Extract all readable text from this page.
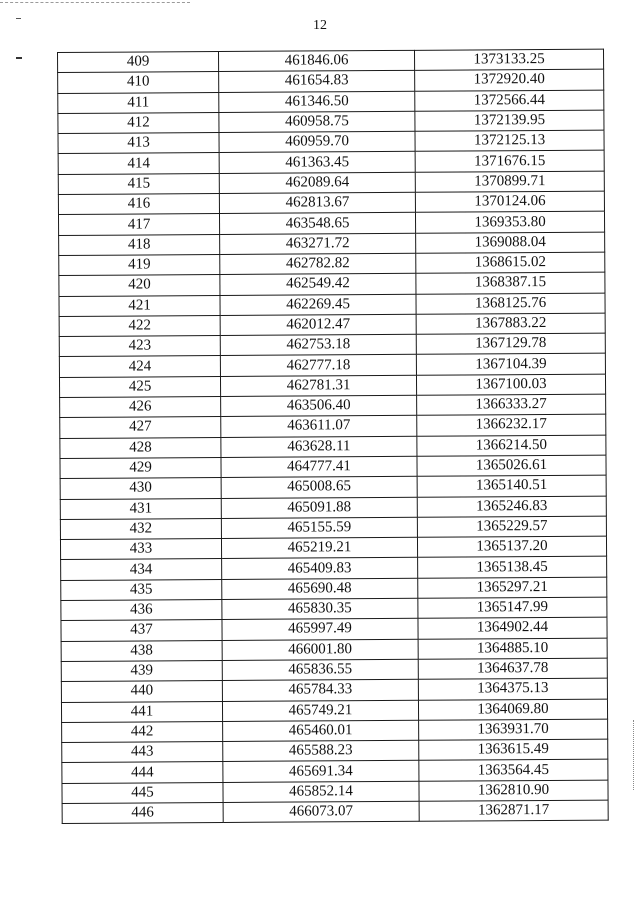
12
409	461846.06	1373133.25
410	461654.83	1372920.40
411	461346.50	1372566.44
412	460958.75	1372139.95
413	460959.70	1372125.13
414	461363.45	1371676.15
415	462089.64	1370899.71
416	462813.67	1370124.06
417	463548.65	1369353.80
418	463271.72	1369088.04
419	462782.82	1368615.02
420	462549.42	1368387.15
421	462269.45	1368125.76
422	462012.47	1367883.22
423	462753.18	1367129.78
424	462777.18	1367104.39
425	462781.31	1367100.03
426	463506.40	1366333.27
427	463611.07	1366232.17
428	463628.11	1366214.50
429	464777.41	1365026.61
430	465008.65	1365140.51
431	465091.88	1365246.83
432	465155.59	1365229.57
433	465219.21	1365137.20
434	465409.83	1365138.45
435	465690.48	1365297.21
436	465830.35	1365147.99
437	465997.49	1364902.44
438	466001.80	1364885.10
439	465836.55	1364637.78
440	465784.33	1364375.13
441	465749.21	1364069.80
442	465460.01	1363931.70
443	465588.23	1363615.49
444	465691.34	1363564.45
445	465852.14	1362810.90
446	466073.07	1362871.17
